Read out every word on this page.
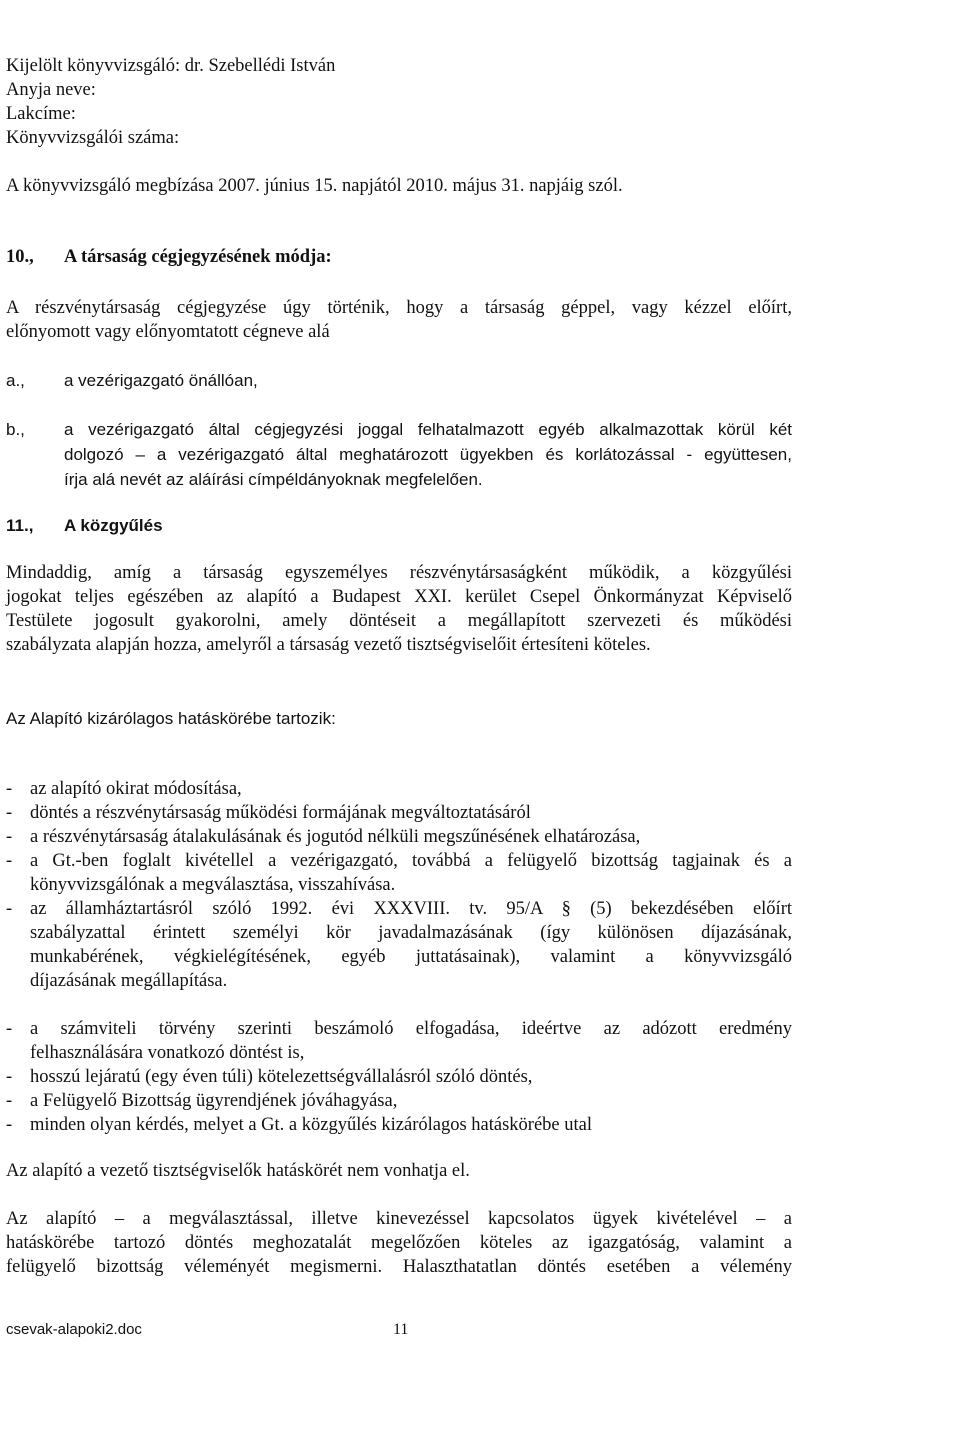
Kijelölt könyvvizsgáló: dr. Szebellédi István
Anyja neve:
Lakcíme:
Könyvvizsgálói száma:
A könyvvizsgáló megbízása 2007. június 15. napjától 2010. május 31. napjáig szól.
10., A társaság cégjegyzésének módja:
A részvénytársaság cégjegyzése úgy történik, hogy a társaság géppel, vagy kézzel előírt,
előnyomott vagy előnyomtatott cégneve alá
a., a vezérigazgató önállóan,
b., a vezérigazgató által cégjegyzési joggal felhatalmazott egyéb alkalmazottak körül két
dolgozó – a vezérigazgató által meghatározott ügyekben és korlátozással - együttesen,
írja alá nevét az aláírási címpéldányoknak megfelelően.
11., A közgyűlés
Mindaddig, amíg a társaság egyszemélyes részvénytársaságként működik, a közgyűlési
jogokat teljes egészében az alapító a Budapest XXI. kerület Csepel Önkormányzat Képviselő
Testülete jogosult gyakorolni, amely döntéseit a megállapított szervezeti és működési
szabályzata alapján hozza, amelyről a társaság vezető tisztségviselőit értesíteni köteles.
Az Alapító kizárólagos hatáskörébe tartozik:
- az alapító okirat módosítása,
- döntés a részvénytársaság működési formájának megváltoztatásáról
- a részvénytársaság átalakulásának és jogutód nélküli megszűnésének elhatározása,
- a Gt.-ben foglalt kivétellel a vezérigazgató, továbbá a felügyelő bizottság tagjainak és a
könyvvizsgálónak a megválasztása, visszahívása.
- az államháztartásról szóló 1992. évi XXXVIII. tv. 95/A § (5) bekezdésében előírt
szabályzattal érintett személyi kör javadalmazásának (így különösen díjazásának,
munkabérének, végkielégítésének, egyéb juttatásainak), valamint a könyvvizsgáló
díjazásának megállapítása.
- a számviteli törvény szerinti beszámoló elfogadása, ideértve az adózott eredmény
felhasználására vonatkozó döntést is,
- hosszú lejáratú (egy éven túli) kötelezettségvállalásról szóló döntés,
- a Felügyelő Bizottság ügyrendjének jóváhagyása,
- minden olyan kérdés, melyet a Gt. a közgyűlés kizárólagos hatáskörébe utal
Az alapító a vezető tisztségviselők hatáskörét nem vonhatja el.
Az alapító – a megválasztással, illetve kinevezéssel kapcsolatos ügyek kivételével – a
hatáskörébe tartozó döntés meghozatalát megelőzően köteles az igazgatóság, valamint a
felügyelő bizottság véleményét megismerni. Halaszthatatlan döntés esetében a vélemény
csevak-alapoki2.doc	11
